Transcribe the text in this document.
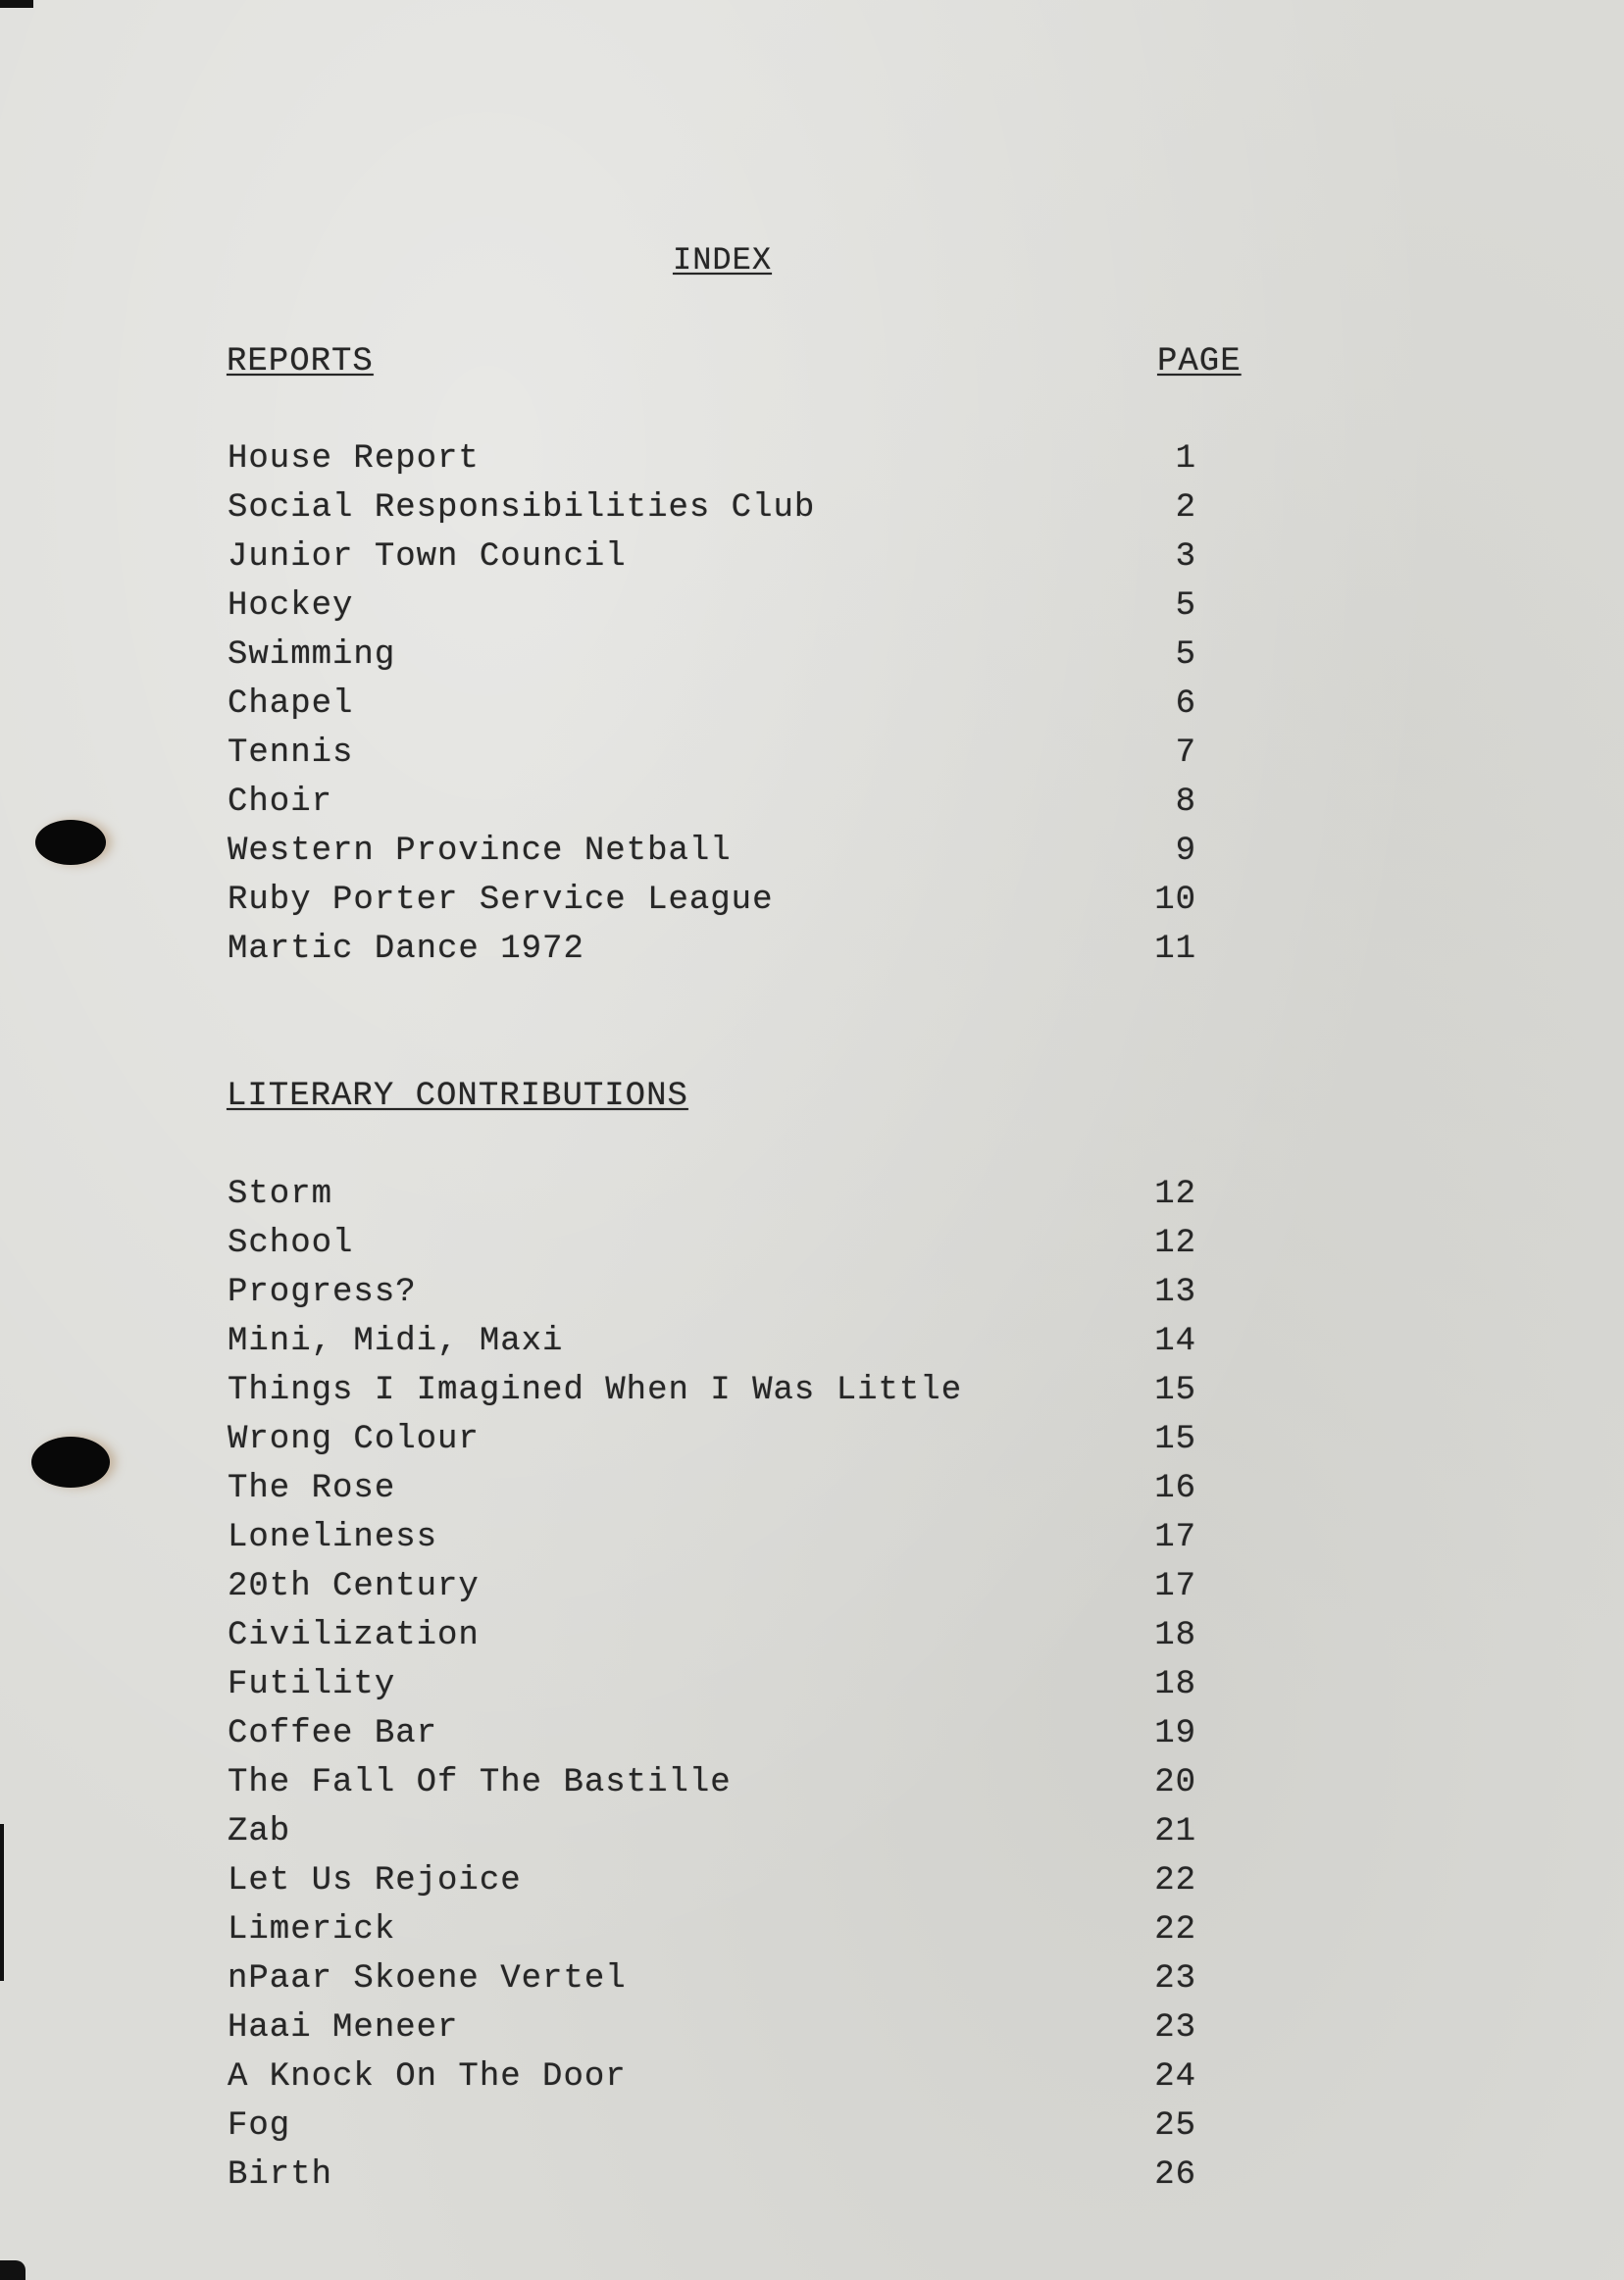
INDEX
REPORTS	PAGE
House Report	1
Social Responsibilities Club	2
Junior Town Council	3
Hockey	5
Swimming	5
Chapel	6
Tennis	7
Choir	8
Western Province Netball	9
Ruby Porter Service League	10
Martic Dance 1972	11
LITERARY CONTRIBUTIONS
Storm	12
School	12
Progress?	13
Mini, Midi, Maxi	14
Things I Imagined When I Was Little	15
Wrong Colour	15
The Rose	16
Loneliness	17
20th Century	17
Civilization	18
Futility	18
Coffee Bar	19
The Fall Of The Bastille	20
Zab	21
Let Us Rejoice	22
Limerick	22
nPaar Skoene Vertel	23
Haai Meneer	23
A Knock On The Door	24
Fog	25
Birth	26
